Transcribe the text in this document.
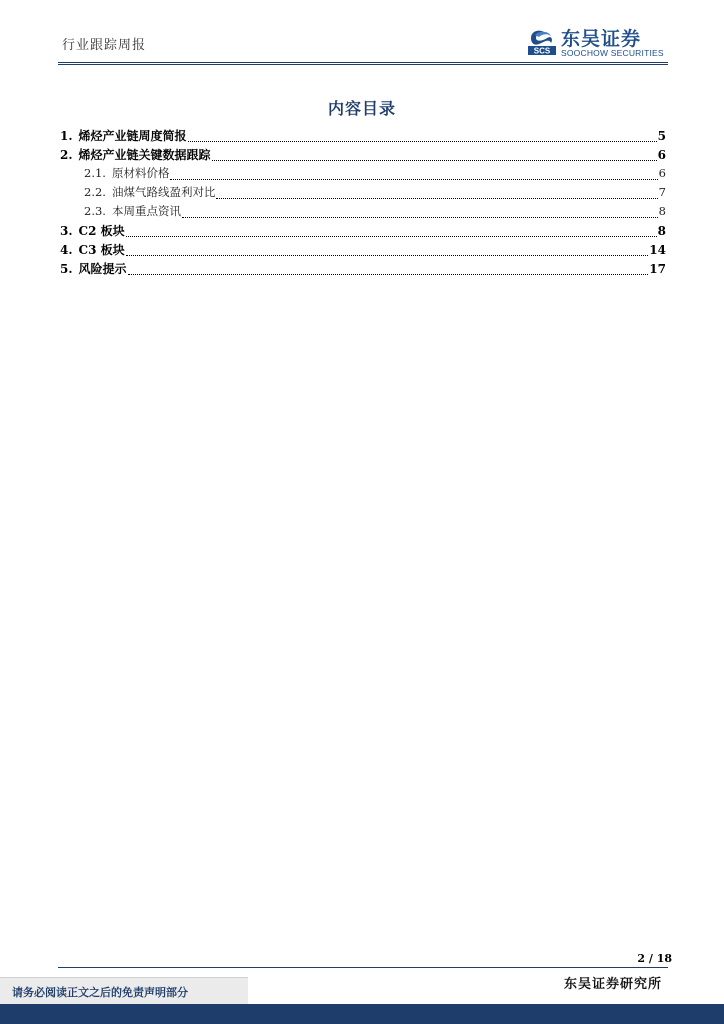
行业跟踪周报	SCS
东吴证券
SOOCHOW SECURITIES
内容目录
1. 烯烃产业链周度简报	5
2. 烯烃产业链关键数据跟踪	6
2.1. 原材料价格	6
2.2. 油煤气路线盈利对比	7
2.3. 本周重点资讯	8
3. C2 板块	8
4. C3 板块	14
5. 风险提示	17
2 / 18
东吴证券研究所
请务必阅读正文之后的免责声明部分
